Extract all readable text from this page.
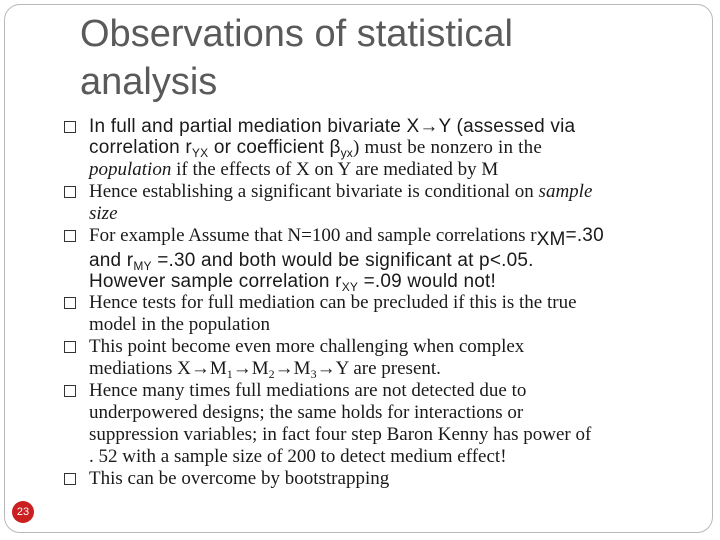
Observations of statistical
analysis
In full and partial mediation bivariate X→Y (assessed via
correlation $r_{YX}$ or coefficient $\beta_{yx}$) must be nonzero in the
population if the effects of X on Y are mediated by M
Hence establishing a significant bivariate is conditional on sample
size
For example Assume that N=100 and sample correlations $r_{XM}=.30$
and $r_{MY} =.30$ and both would be significant at p<.05.
However sample correlation $r_{XY} =.09$ would not!
Hence tests for full mediation can be precluded if this is the true
model in the population
This point become even more challenging when complex
mediations $X\to M_1\to M_2\to M_3\to Y$ are present.
Hence many times full mediations are not detected due to
underpowered designs; the same holds for interactions or
suppression variables; in fact four step Baron Kenny has power of
. 52 with a sample size of 200 to detect medium effect!
This can be overcome by bootstrapping
23
